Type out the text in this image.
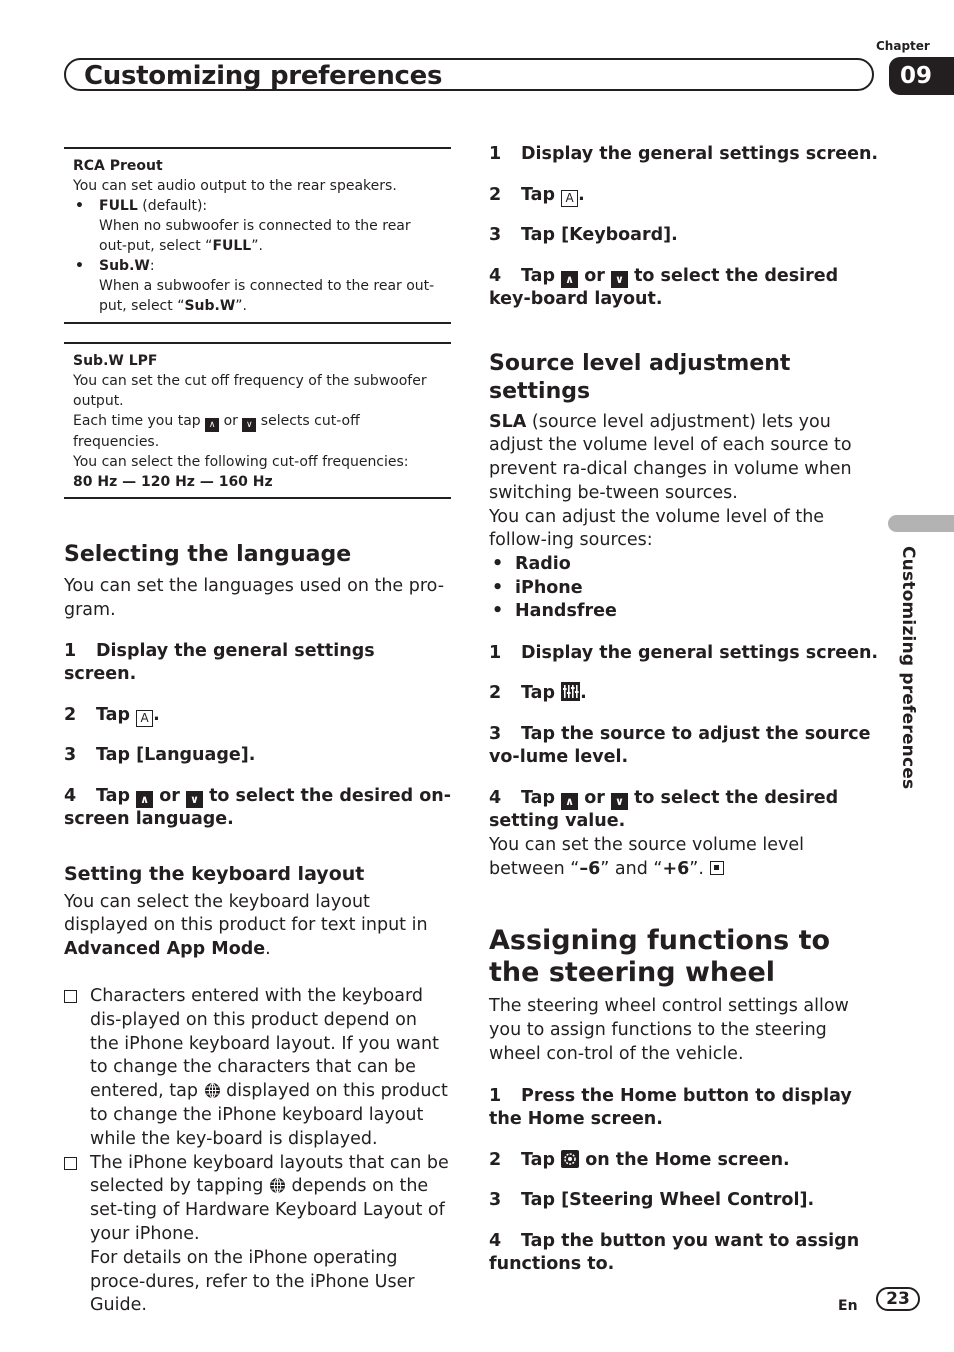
Customizing preferences
Chapter
09
Customizing preferences
RCA Preout
You can set audio output to the rear speakers.
• FULL (default):
When no subwoofer is connected to the rear out-put, select “FULL”.
• Sub.W:
When a subwoofer is connected to the rear out-put, select “Sub.W”.
Sub.W LPF
You can set the cut off frequency of the subwoofer output.
Each time you tap ∧ or ∨ selects cut-off frequencies.
You can select the following cut-off frequencies:
80 Hz — 120 Hz — 160 Hz
Selecting the language
You can set the languages used on the pro-gram.
1 Display the general settings screen.
2 Tap A .
3 Tap [Language].
4 Tap ∧ or ∨ to select the desired on-screen language.
Setting the keyboard layout
You can select the keyboard layout displayed on this product for text input in Advanced App Mode.
Characters entered with the keyboard dis-played on this product depend on the iPhone keyboard layout. If you want to change the characters that can be entered, tap displayed on this product to change the iPhone keyboard layout while the key-board is displayed.
The iPhone keyboard layouts that can be selected by tapping depends on the set-ting of Hardware Keyboard Layout of your iPhone.
For details on the iPhone operating proce-dures, refer to the iPhone User Guide.
1 Display the general settings screen.
2 Tap A .
3 Tap [Keyboard].
4 Tap ∧ or ∨ to select the desired key-board layout.
Source level adjustment settings
SLA (source level adjustment) lets you adjust the volume level of each source to prevent ra-dical changes in volume when switching be-tween sources.
You can adjust the volume level of the follow-ing sources:
• Radio
• iPhone
• Handsfree
1 Display the general settings screen.
2 Tap .
3 Tap the source to adjust the source vo-lume level.
4 Tap ∧ or ∨ to select the desired setting value.
You can set the source volume level between “–6” and “+6”.
Assigning functions to the steering wheel
The steering wheel control settings allow you to assign functions to the steering wheel con-trol of the vehicle.
1 Press the Home button to display the Home screen.
2 Tap on the Home screen.
3 Tap [Steering Wheel Control].
4 Tap the button you want to assign functions to.
En	23
